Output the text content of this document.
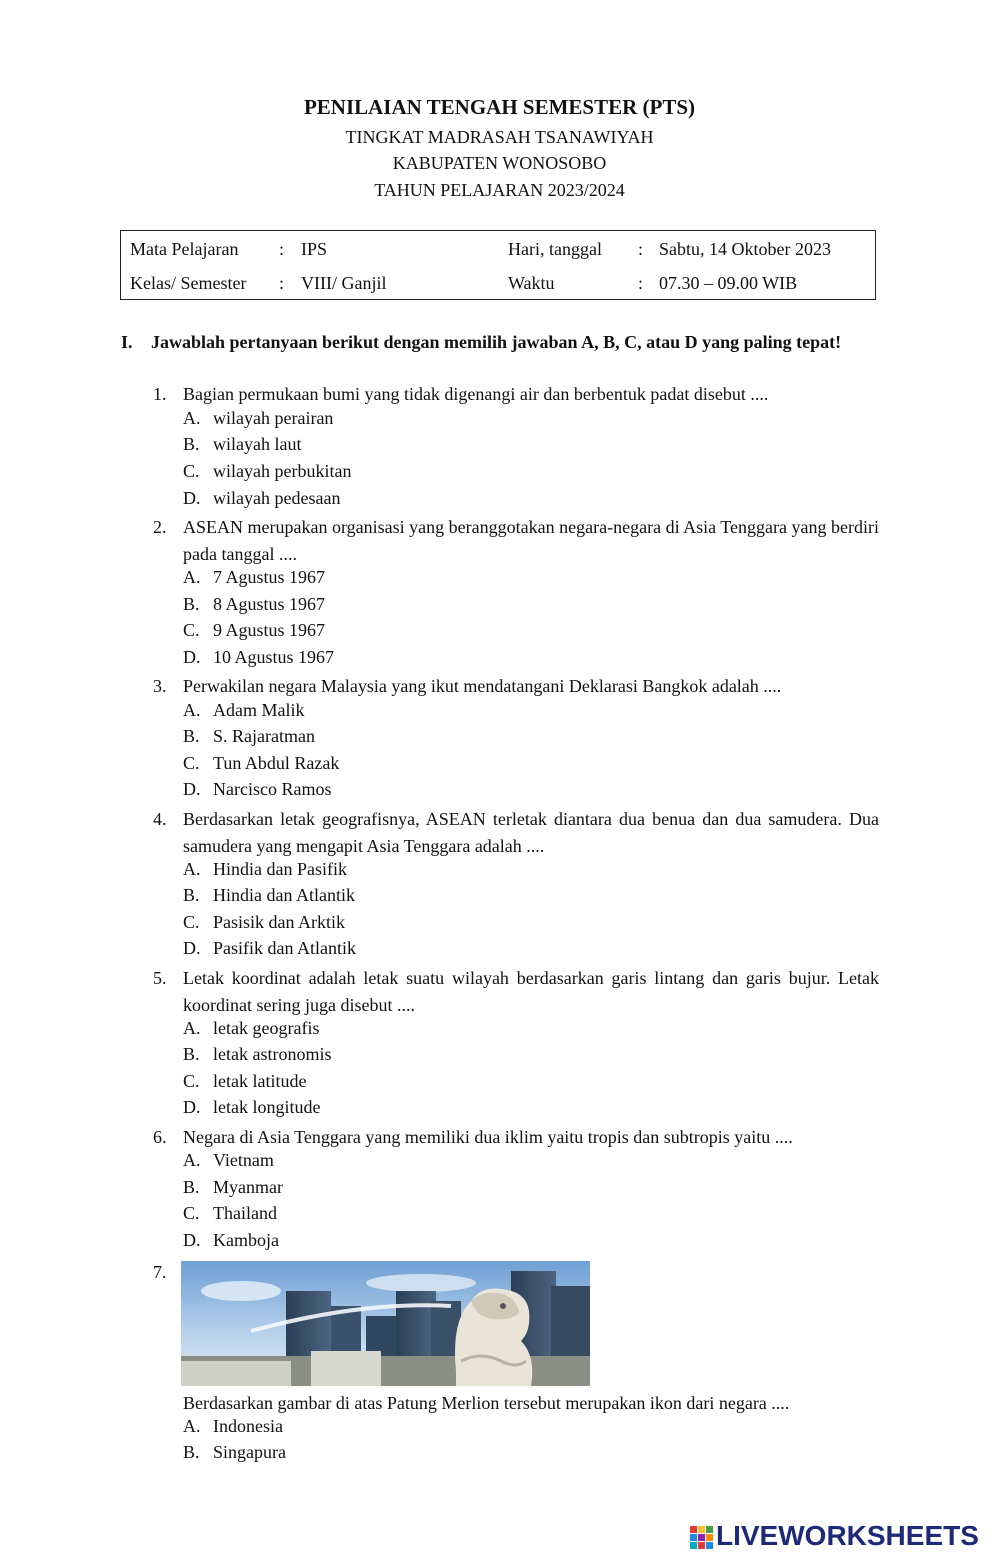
PENILAIAN TENGAH SEMESTER (PTS)
TINGKAT MADRASAH TSANAWIYAH
KABUPATEN WONOSOBO
TAHUN PELAJARAN 2023/2024
Mata Pelajaran : IPS	Hari, tanggal : Sabtu, 14 Oktober 2023
Kelas/ Semester : VIII/ Ganjil	Waktu	: 07.30 – 09.00 WIB
I. Jawablah pertanyaan berikut dengan memilih jawaban A, B, C, atau D yang paling tepat!
1. Bagian permukaan bumi yang tidak digenangi air dan berbentuk padat disebut ....
A. wilayah perairan
B. wilayah laut
C. wilayah perbukitan
D. wilayah pedesaan
2. ASEAN merupakan organisasi yang beranggotakan negara-negara di Asia Tenggara yang berdiri pada tanggal ....
A. 7 Agustus 1967
B. 8 Agustus 1967
C. 9 Agustus 1967
D. 10 Agustus 1967
3. Perwakilan negara Malaysia yang ikut mendatangani Deklarasi Bangkok adalah ....
A. Adam Malik
B. S. Rajaratman
C. Tun Abdul Razak
D. Narcisco Ramos
4. Berdasarkan letak geografisnya, ASEAN terletak diantara dua benua dan dua samudera. Dua samudera yang mengapit Asia Tenggara adalah ....
A. Hindia dan Pasifik
B. Hindia dan Atlantik
C. Pasisik dan Arktik
D. Pasifik dan Atlantik
5. Letak koordinat adalah letak suatu wilayah berdasarkan garis lintang dan garis bujur. Letak koordinat sering juga disebut ....
A. letak geografis
B. letak astronomis
C. letak latitude
D. letak longitude
6. Negara di Asia Tenggara yang memiliki dua iklim yaitu tropis dan subtropis yaitu ....
A. Vietnam
B. Myanmar
C. Thailand
D. Kamboja
7.
Berdasarkan gambar di atas Patung Merlion tersebut merupakan ikon dari negara ....
A. Indonesia
B. Singapura
LIVEWORKSHEETS
